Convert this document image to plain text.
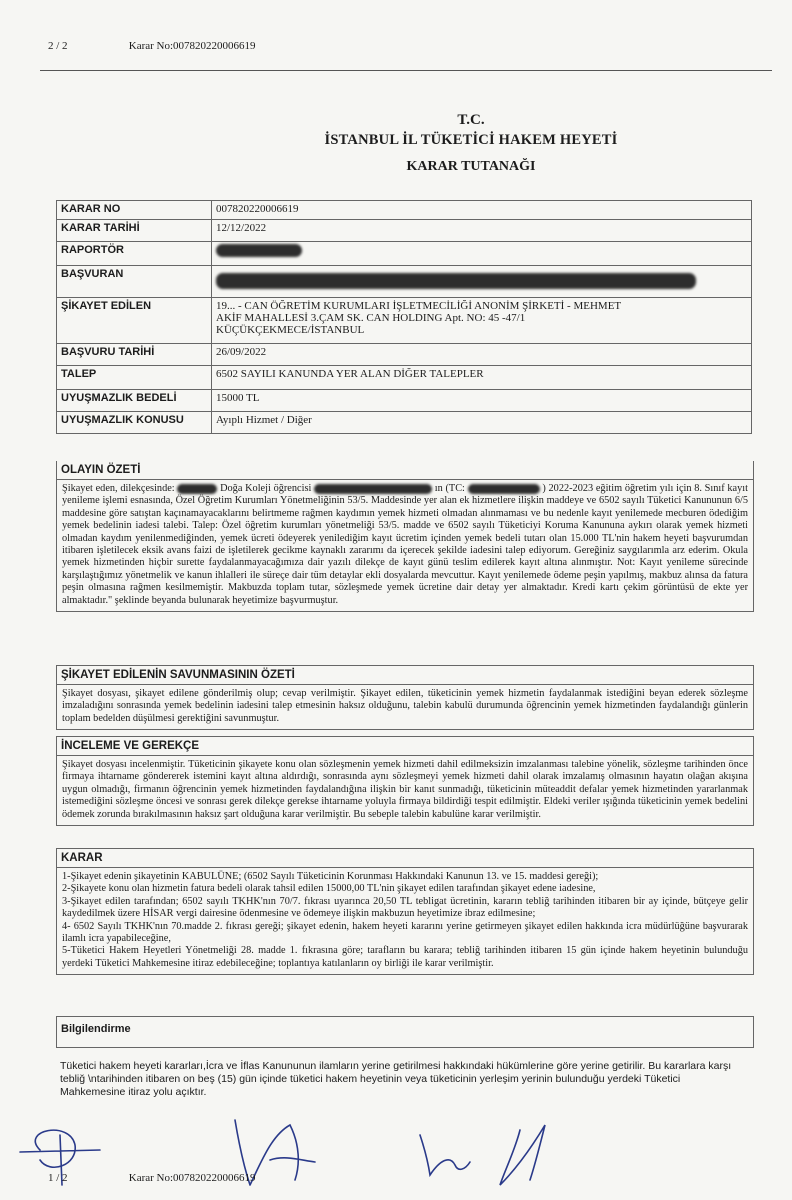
2 / 2	Karar No:007820220006619
T.C.
İSTANBUL İL TÜKETİCİ HAKEM HEYETİ
KARAR TUTANAĞI
KARAR NO	007820220006619
KARAR TARİHİ	12/12/2022
RAPORTÖR	
BAŞVURAN	
ŞİKAYET EDİLEN	19... - CAN ÖĞRETİM KURUMLARI İŞLETMECİLİĞİ ANONİM ŞİRKETİ - MEHMET
AKİF MAHALLESİ 3.ÇAM SK. CAN HOLDING Apt. NO: 45 -47/1
KÜÇÜKÇEKMECE/İSTANBUL

BAŞVURU TARİHİ	26/09/2022
TALEP	6502 SAYILI KANUNDA YER ALAN DİĞER TALEPLER
UYUŞMAZLIK BEDELİ	15000 TL
UYUŞMAZLIK KONUSU	Ayıplı Hizmet / Diğer
OLAYIN ÖZETİ

Şikayet eden, dilekçesinde:	Doğa Koleji öğrencisi	ın (TC:	) 2022-2023 eğitim öğretim yılı için 8. Sınıf kayıt yenileme işlemi esnasında, Özel Öğretim Kurumları Yönetmeliğinin 53/5. Maddesinde yer alan ek hizmetlere ilişkin maddeye ve 6502 sayılı Tüketici Kanununun 6/5 maddesine göre satıştan kaçınamayacaklarını belirtmeme rağmen kaydımın yemek hizmeti olmadan alınmaması ve bu nedenle kayıt yenilemede mecburen ödediğim yemek bedelinin iadesi talebi. Talep: Özel öğretim kurumları yönetmeliği 53/5. madde ve 6502 sayılı Tüketiciyi Koruma Kanununa aykırı olarak yemek hizmeti olmadan kaydım yenilenmediğinden, yemek ücreti ödeyerek yenilediğim kayıt ücretim içinden yemek bedeli tutarı olan 15.000 TL'nin hakem heyeti başvurumdan itibaren işletilecek eksik avans faizi de işletilerek gecikme kaynaklı zararımı da içerecek şekilde iadesini talep ediyorum. Gereğiniz saygılarımla arz ederim. Okula yemek hizmetinden hiçbir surette faydalanmayacağımıza dair yazılı dilekçe de kayıt günü teslim edilerek kayıt altına alınmıştır. Not: Kayıt yenileme sürecinde karşılaştığımız yönetmelik ve kanun ihlalleri ile süreçe dair tüm detaylar ekli dosyalarda mevcuttur. Kayıt yenilemede ödeme peşin yapılmış, makbuz alınsa da fatura peşin olmasına rağmen kesilmemiştir. Makbuzda toplam tutar, sözleşmede yemek ücretine dair detay yer almaktadır. Kredi kartı çekim görüntüsü de ekte yer almaktadır." şeklinde beyanda bulunarak heyetimize başvurmuştur.

ŞİKAYET EDİLENİN SAVUNMASININ ÖZETİ
Şikayet dosyası, şikayet edilene gönderilmiş olup; cevap verilmiştir. Şikayet edilen, tüketicinin yemek hizmetin faydalanmak istediğini beyan ederek sözleşme imzaladığını sonrasında yemek bedelinin iadesini talep etmesinin haksız olduğunu, talebin kabulü durumunda öğrencinin yemek hizmetinden faydalandığı günlerin toplam bedelden düşülmesi gerektiğini savunmuştur.
İNCELEME VE GEREKÇE
Şikayet dosyası incelenmiştir. Tüketicinin şikayete konu olan sözleşmenin yemek hizmeti dahil edilmeksizin imzalanması talebine yönelik, sözleşme tarihinden önce firmaya ihtarname göndererek istemini kayıt altına aldırdığı, sonrasında aynı sözleşmeyi yemek hizmeti dahil olarak imzalamış olmasının hayatın olağan akışına uygun olmadığı, firmanın öğrencinin yemek hizmetinden faydalandığına ilişkin bir kanıt sunmadığı, tüketicinin müteaddit defalar yemek hizmetinden yararlanmak istemediğini sözleşme öncesi ve sonrası gerek dilekçe gerekse ihtarname yoluyla firmaya bildirdiği tespit edilmiştir. Eldeki veriler ışığında tüketicinin yemek bedelini ödemek zorunda bırakılmasının haksız şart olduğuna karar verilmiştir. Bu sebeple talebin kabulüne karar verilmiştir.
KARAR

1-Şikayet edenin şikayetinin KABULÜNE; (6502 Sayılı Tüketicinin Korunması Hakkındaki Kanunun 13. ve 15. maddesi gereği);

2-Şikayete konu olan hizmetin fatura bedeli olarak tahsil edilen 15000,00 TL'nin şikayet edilen tarafından şikayet edene iadesine,

3-Şikayet edilen tarafından; 6502 sayılı TKHK'nın 70/7. fıkrası uyarınca 20,50 TL tebligat ücretinin, kararın tebliğ tarihinden itibaren bir ay içinde, bütçeye gelir kaydedilmek üzere HİSAR vergi dairesine ödenmesine ve ödemeye ilişkin makbuzun heyetimize ibraz edilmesine;

4- 6502 Sayılı TKHK'nın 70.madde 2. fıkrası gereği; şikayet edenin, hakem heyeti kararını yerine getirmeyen şikayet edilen hakkında icra müdürlüğüne başvurarak ilamlı icra yapabileceğine,

5-Tüketici Hakem Heyetleri Yönetmeliği 28. madde 1. fıkrasına göre; tarafların bu karara; tebliğ tarihinden itibaren 15 gün içinde hakem heyetinin bulunduğu yerdeki Tüketici Mahkemesine itiraz edebileceğine; toplantıya katılanların oy birliği ile karar verilmiştir.

Bilgilendirme
Tüketici hakem heyeti kararları,İcra ve İflas Kanununun ilamların yerine getirilmesi hakkındaki hükümlerine göre yerine getirilir. Bu kararlara karşı tebliğ \ntarihinden itibaren on beş (15) gün içinde tüketici hakem heyetinin veya tüketicinin yerleşim yerinin bulunduğu yerdeki Tüketici Mahkemesine itiraz yolu açıktır.
1 / 2	Karar No:007820220006619
